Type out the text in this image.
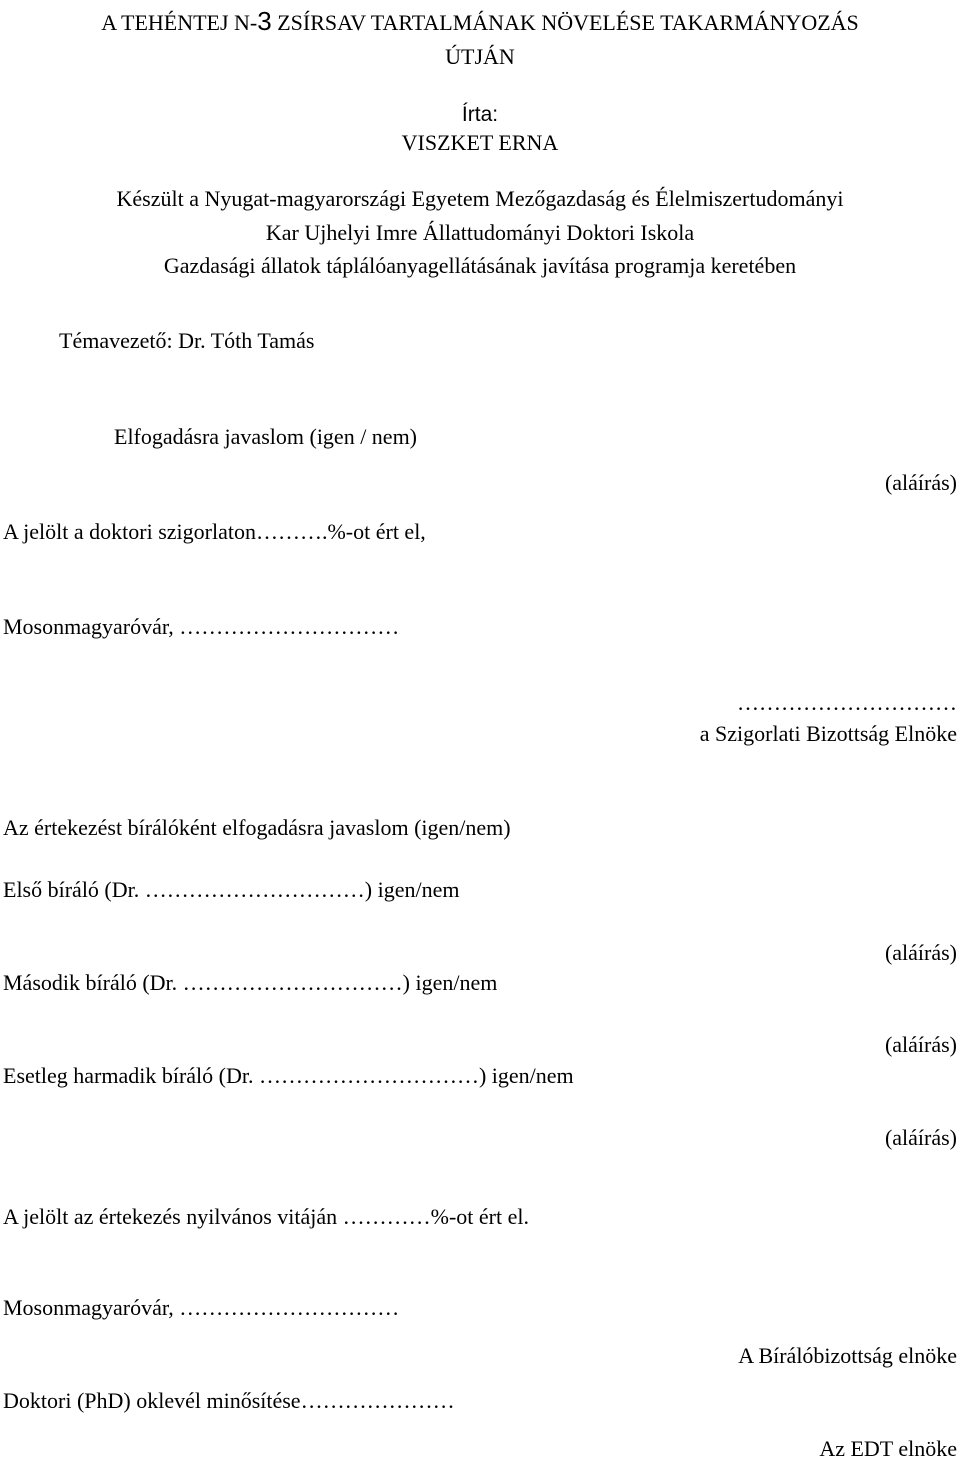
A TEHÉNTEJ N-3 ZSÍRSAV TARTALMÁNAK NÖVELÉSE TAKARMÁNYOZÁS
ÚTJÁN
Írta:
VISZKET ERNA
Készült a Nyugat-magyarországi Egyetem Mezőgazdaság és Élelmiszertudományi
Kar Ujhelyi Imre Állattudományi Doktori Iskola
Gazdasági állatok táplálóanyagellátásának javítása programja keretében
Témavezető: Dr. Tóth Tamás
Elfogadásra javaslom (igen / nem)
(aláírás)
A jelölt a doktori szigorlaton……….%-ot ért el,
Mosonmagyaróvár, …………………………
…………………………
a Szigorlati Bizottság Elnöke
Az értekezést bírálóként elfogadásra javaslom (igen/nem)
Első bíráló (Dr. …………………………) igen/nem
(aláírás)
Második bíráló (Dr. …………………………) igen/nem
(aláírás)
Esetleg harmadik bíráló (Dr. …………………………) igen/nem
(aláírás)
A jelölt az értekezés nyilvános vitáján …………%-ot ért el.
Mosonmagyaróvár, …………………………
A Bírálóbizottság elnöke
Doktori (PhD) oklevél minősítése…………………
Az EDT elnöke
